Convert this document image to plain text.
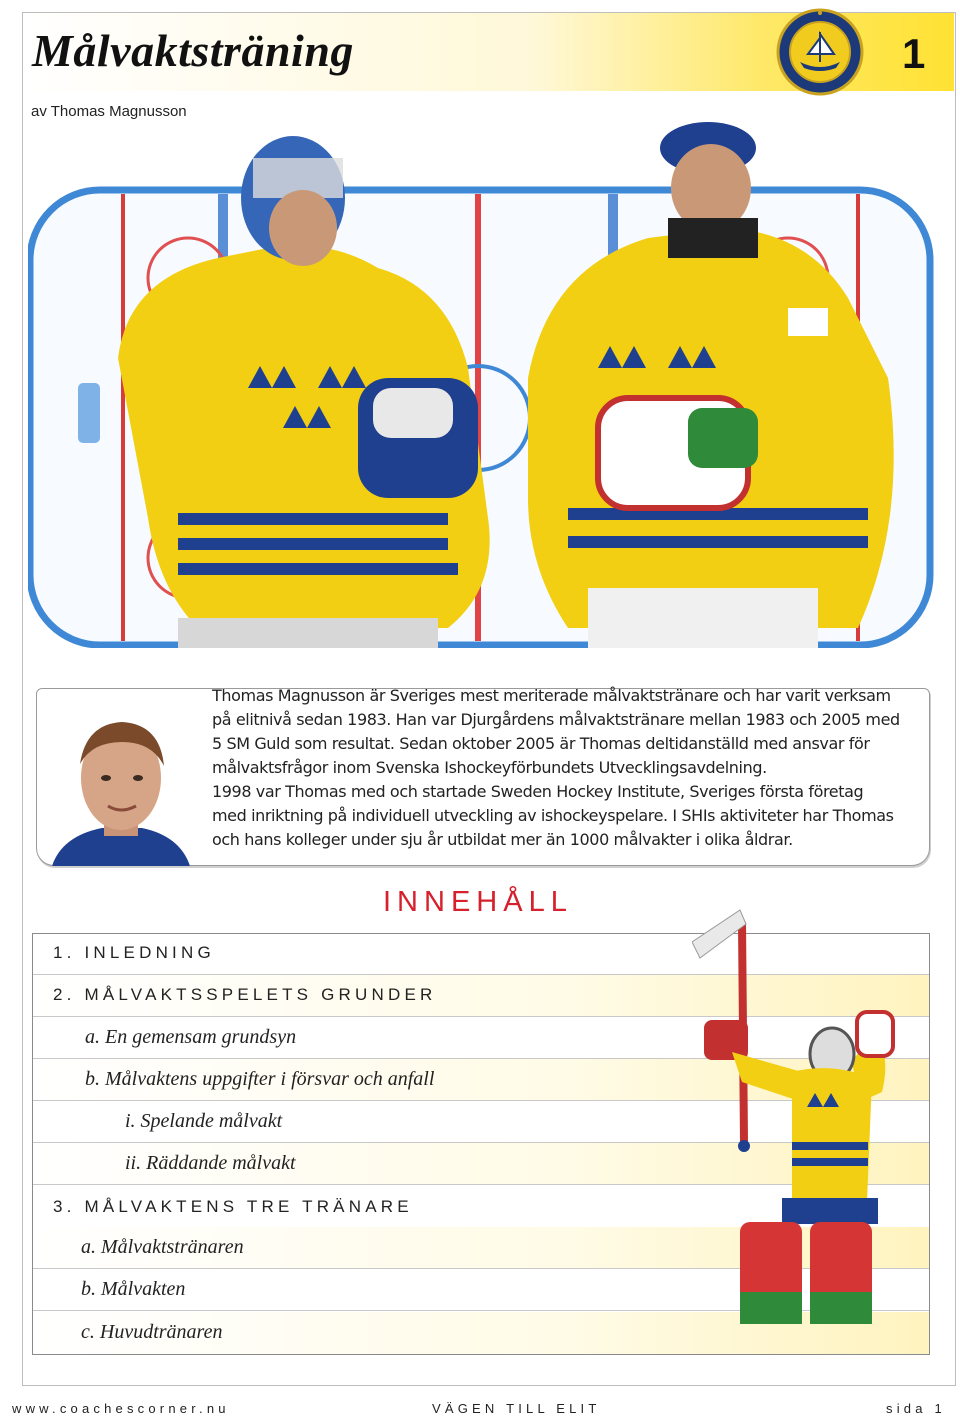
Målvaktsträning	1
av Thomas Magnusson
Thomas Magnusson är Sveriges mest meriterade målvaktstränare och har varit verksam
på elitnivå sedan 1983. Han var Djurgårdens målvaktstränare mellan 1983 och 2005 med
5 SM Guld som resultat. Sedan oktober 2005 är Thomas deltidanställd med ansvar för
målvaktsfrågor inom Svenska Ishockeyförbundets Utvecklingsavdelning.
1998 var Thomas med och startade Sweden Hockey Institute, Sveriges första företag
med inriktning på individuell utveckling av ishockeyspelare. I SHIs aktiviteter har Thomas
och hans kolleger under sju år utbildat mer än 1000 målvakter i olika åldrar.
INNEHÅLL
1. INLEDNING
2. MÅLVAKTSSPELETS GRUNDER
a. En gemensam grundsyn
b. Målvaktens uppgifter i försvar och anfall
i. Spelande målvakt
ii. Räddande målvakt
3. MÅLVAKTENS TRE TRÄNARE
a. Målvaktstränaren
b. Målvakten
c. Huvudtränaren
www.coachescorner.nu	VÄGEN TILL ELIT	sida 1
